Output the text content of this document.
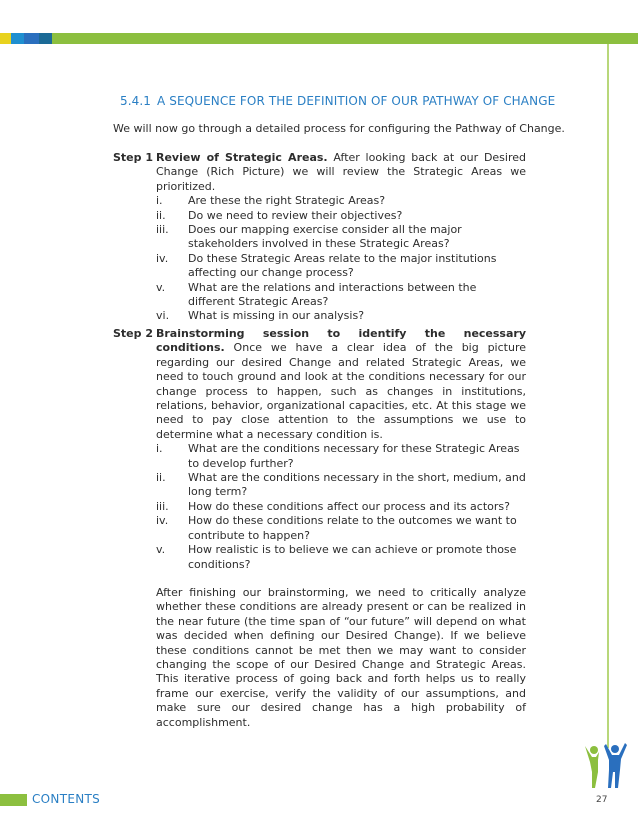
5.4.1 A SEQUENCE FOR THE DEFINITION OF OUR PATHWAY OF CHANGE
We will now go through a detailed process for configuring the Pathway of Change.
Step 1 Review of Strategic Areas. After looking back at our Desired Change (Rich Picture) we will review the Strategic Areas we prioritized.
i.	Are these the right Strategic Areas?
ii.	Do we need to review their objectives?
iii.	Does our mapping exercise consider all the major stakeholders involved in these Strategic Areas?
iv.	Do these Strategic Areas relate to the major institutions affecting our change process?
v.	What are the relations and interactions between the different Strategic Areas?
vi.	What is missing in our analysis?
Step 2 Brainstorming session to identify the necessary conditions. Once we have a clear idea of the big picture regarding our desired Change and related Strategic Areas, we need to touch ground and look at the conditions necessary for our change process to happen, such as changes in institutions, relations, behavior, organizational capacities, etc. At this stage we need to pay close attention to the assumptions we use to determine what a necessary condition is.
i.	What are the conditions necessary for these Strategic Areas to develop further?
ii.	What are the conditions necessary in the short, medium, and long term?
iii.	How do these conditions affect our process and its actors?
iv.	How do these conditions relate to the outcomes we want to contribute to happen?
v.	How realistic is to believe we can achieve or promote those conditions?
After finishing our brainstorming, we need to critically analyze whether these conditions are already present or can be realized in the near future (the time span of “our future” will depend on what was decided when defining our Desired Change). If we believe these conditions cannot be met then we may want to consider changing the scope of our Desired Change and Strategic Areas. This iterative process of going back and forth helps us to really frame our exercise, verify the validity of our assumptions, and make sure our desired change has a high probability of accomplishment.
CONTENTS	27
